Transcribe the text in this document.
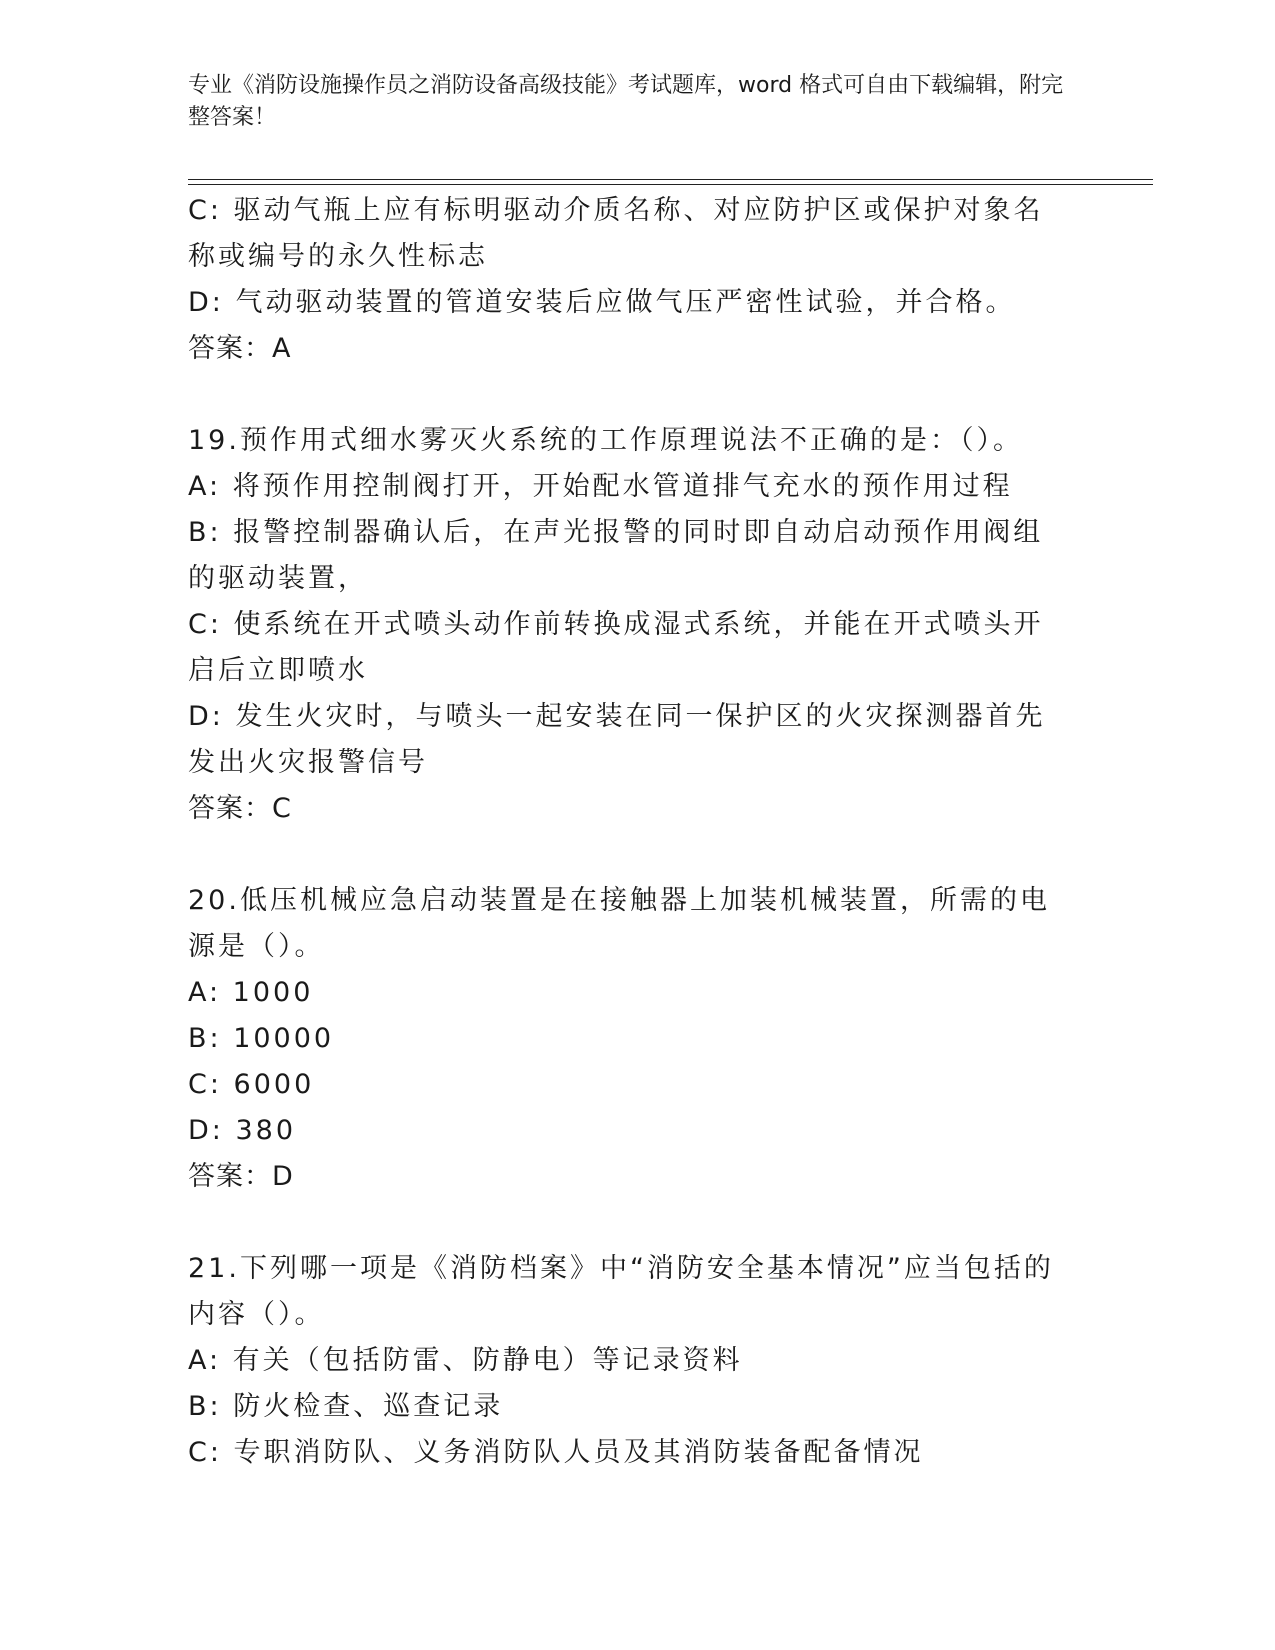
专业《消防设施操作员之消防设备高级技能》考试题库，word 格式可自由下载编辑，附完整答案！

C: 驱动气瓶上应有标明驱动介质名称、对应防护区或保护对象名称或编号的永久性标志

D: 气动驱动装置的管道安装后应做气压严密性试验，并合格。

答案：A

19.预作用式细水雾灭火系统的工作原理说法不正确的是：（）。

A: 将预作用控制阀打开，开始配水管道排气充水的预作用过程

B: 报警控制器确认后，在声光报警的同时即自动启动预作用阀组的驱动装置，

C: 使系统在开式喷头动作前转换成湿式系统，并能在开式喷头开启后立即喷水

D: 发生火灾时，与喷头一起安装在同一保护区的火灾探测器首先发出火灾报警信号

答案：C

20.低压机械应急启动装置是在接触器上加装机械装置，所需的电源是（）。

A: 1000

B: 10000

C: 6000

D: 380

答案：D

21.下列哪一项是《消防档案》中“消防安全基本情况”应当包括的内容（）。

A: 有关（包括防雷、防静电）等记录资料

B: 防火检查、巡查记录

C: 专职消防队、义务消防队人员及其消防装备配备情况
